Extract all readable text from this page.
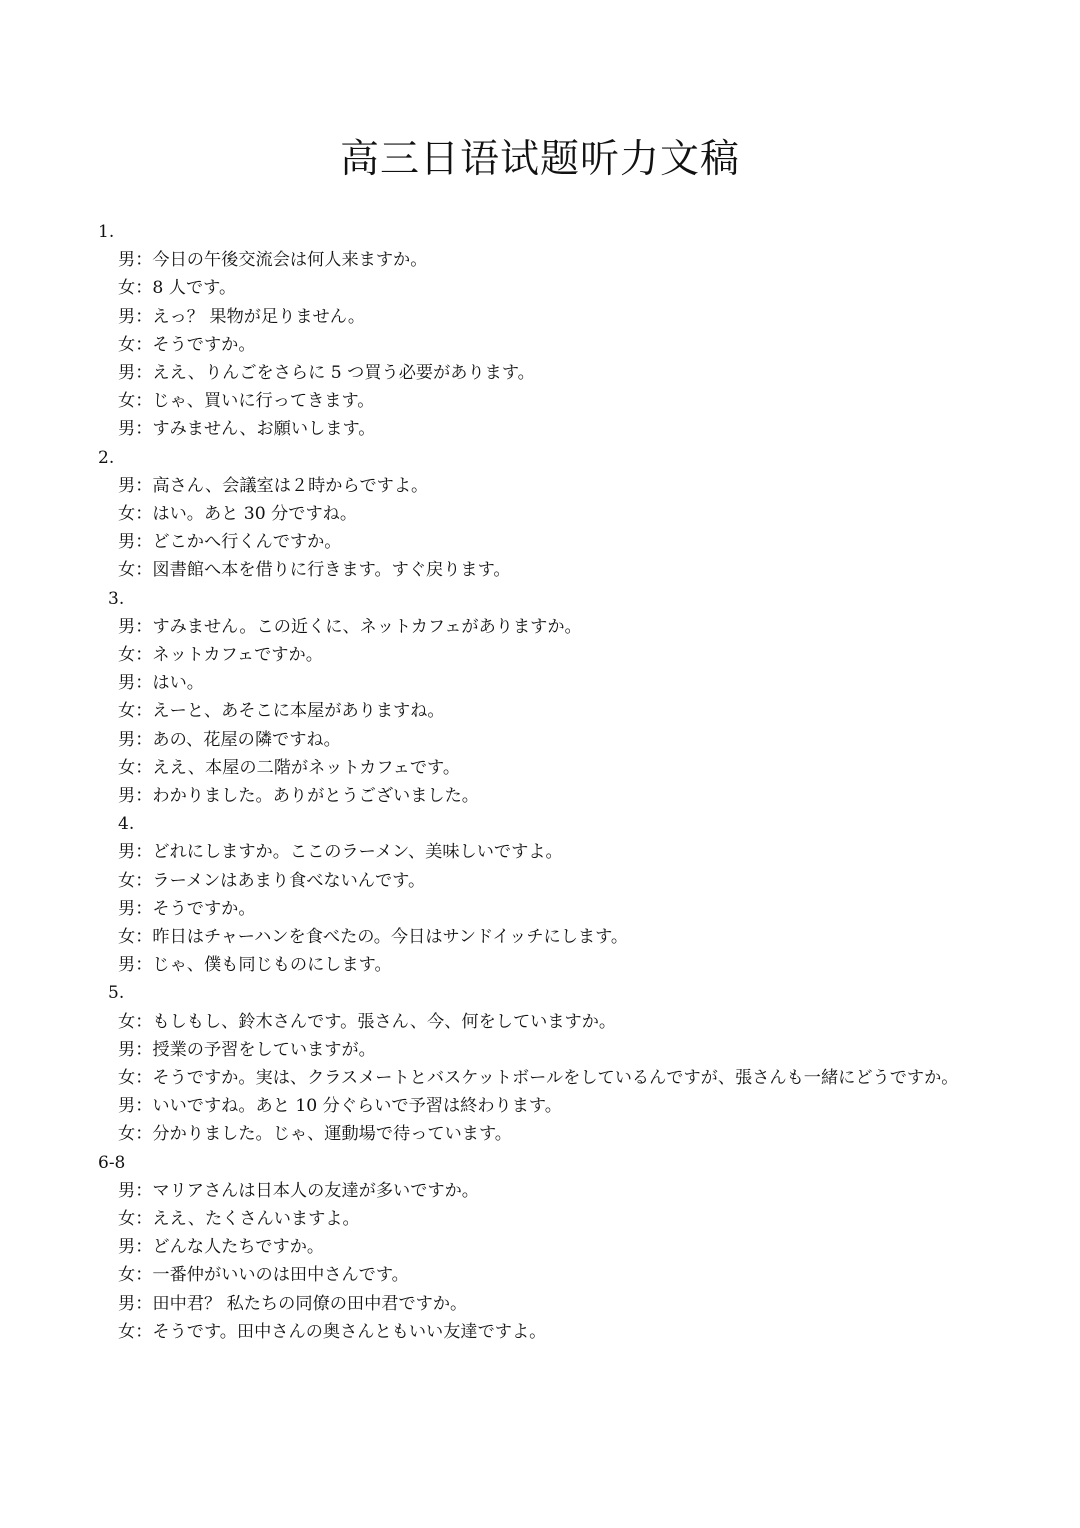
高三日语试题听力文稿
1.
男：今日の午後交流会は何人来ますか。
女：8 人です。
男：えっ？ 果物が足りません。
女：そうですか。
男：ええ、りんごをさらに 5 つ買う必要があります。
女：じゃ、買いに行ってきます。
男：すみません、お願いします。
2.
男：高さん、会議室は２時からですよ。
女：はい。あと 30 分ですね。
男：どこかへ行くんですか。
女：図書館へ本を借りに行きます。すぐ戻ります。
3.
男：すみません。この近くに、ネットカフェがありますか。
女：ネットカフェですか。
男：はい。
女：えーと、あそこに本屋がありますね。
男：あの、花屋の隣ですね。
女：ええ、本屋の二階がネットカフェです。
男：わかりました。ありがとうございました。
4.
男：どれにしますか。ここのラーメン、美味しいですよ。
女：ラーメンはあまり食べないんです。
男：そうですか。
女：昨日はチャーハンを食べたの。今日はサンドイッチにします。
男：じゃ、僕も同じものにします。
5.
女：もしもし、鈴木さんです。張さん、今、何をしていますか。
男：授業の予習をしていますが。
女：そうですか。実は、クラスメートとバスケットボールをしているんですが、張さんも一緒にどうですか。
男：いいですね。あと 10 分ぐらいで予習は終わります。
女：分かりました。じゃ、運動場で待っています。
6-8
男：マリアさんは日本人の友達が多いですか。
女：ええ、たくさんいますよ。
男：どんな人たちですか。
女：一番仲がいいのは田中さんです。
男：田中君？ 私たちの同僚の田中君ですか。
女：そうです。田中さんの奥さんともいい友達ですよ。
